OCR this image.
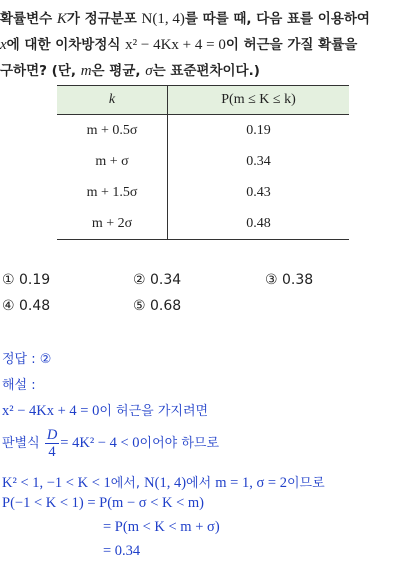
확률변수 K가 정규분포 N(1, 4)를 따를 때, 다음 표를 이용하여
x에 대한 이차방정식 x² − 4Kx + 4 = 0이 허근을 가질 확률을
구하면? (단, m은 평균, σ는 표준편차이다.)
k	P(m ≤ K ≤ k)
m + 0.5σ	0.19
m + σ	0.34
m + 1.5σ	0.43
m + 2σ	0.48
① 0.19	② 0.34	③ 0.38
④ 0.48	⑤ 0.68
정답 : ②
해설 :
x² − 4Kx + 4 = 0이 허근을 가지려면
판별식 $\frac{D}{4} = 4K^2 - 4 < 0$이어야 하므로
K² < 1, −1 < K < 1에서, N(1, 4)에서 m = 1, σ = 2이므로
P(−1 < K < 1) = P(m − σ < K < m)
= P(m < K < m + σ)
= 0.34
